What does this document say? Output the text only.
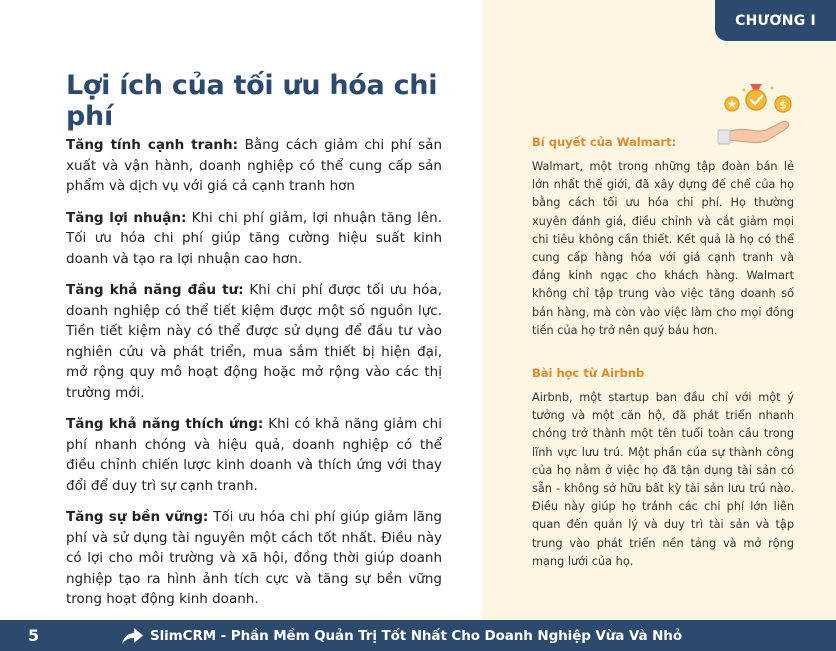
CHƯƠNG I
Lợi ích của tối ưu hóa chi phí	$

Tăng tính cạnh tranh: Bằng cách giảm chi phí sản xuất và vận hành, doanh nghiệp có thể cung cấp sản phẩm và dịch vụ với giá cả cạnh tranh hơn

Tăng lợi nhuận: Khi chi phí giảm, lợi nhuận tăng lên. Tối ưu hóa chi phí giúp tăng cường hiệu suất kinh doanh và tạo ra lợi nhuận cao hơn.

Tăng khả năng đầu tư: Khi chi phí được tối ưu hóa, doanh nghiệp có thể tiết kiệm được một số nguồn lực. Tiền tiết kiệm này có thể được sử dụng để đầu tư vào nghiên cứu và phát triển, mua sắm thiết bị hiện đại, mở rộng quy mô hoạt động hoặc mở rộng vào các thị trường mới.

Tăng khả năng thích ứng: Khi có khả năng giảm chi phí nhanh chóng và hiệu quả, doanh nghiệp có thể điều chỉnh chiến lược kinh doanh và thích ứng với thay đổi để duy trì sự cạnh tranh.

Tăng sự bền vững: Tối ưu hóa chi phí giúp giảm lãng phí và sử dụng tài nguyên một cách tốt nhất. Điều này có lợi cho môi trường và xã hội, đồng thời giúp doanh nghiệp tạo ra hình ảnh tích cực và tăng sự bền vững trong hoạt động kinh doanh.

Bí quyết của Walmart:

Walmart, một trong những tập đoàn bán lẻ lớn nhất thế giới, đã xây dựng đế chế của họ bằng cách tối ưu hóa chi phí. Họ thường xuyên đánh giá, điều chỉnh và cắt giảm mọi chi tiêu không cần thiết. Kết quả là họ có thể cung cấp hàng hóa với giá cạnh tranh và đáng kinh ngạc cho khách hàng. Walmart không chỉ tập trung vào việc tăng doanh số bán hàng, mà còn vào việc làm cho mọi đồng tiền của họ trở nên quý báu hơn.

Bài học từ Airbnb

Airbnb, một startup ban đầu chỉ với một ý tưởng và một căn hộ, đã phát triển nhanh chóng trở thành một tên tuổi toàn cầu trong lĩnh vực lưu trú. Một phần của sự thành công của họ nằm ở việc họ đã tận dụng tài sản có sẵn - không sở hữu bất kỳ tài sản lưu trú nào. Điều này giúp họ tránh các chi phí lớn liên quan đến quản lý và duy trì tài sản và tập trung vào phát triển nền tảng và mở rộng mạng lưới của họ.

5	SlimCRM - Phần Mềm Quản Trị Tốt Nhất Cho Doanh Nghiệp Vừa Và Nhỏ
